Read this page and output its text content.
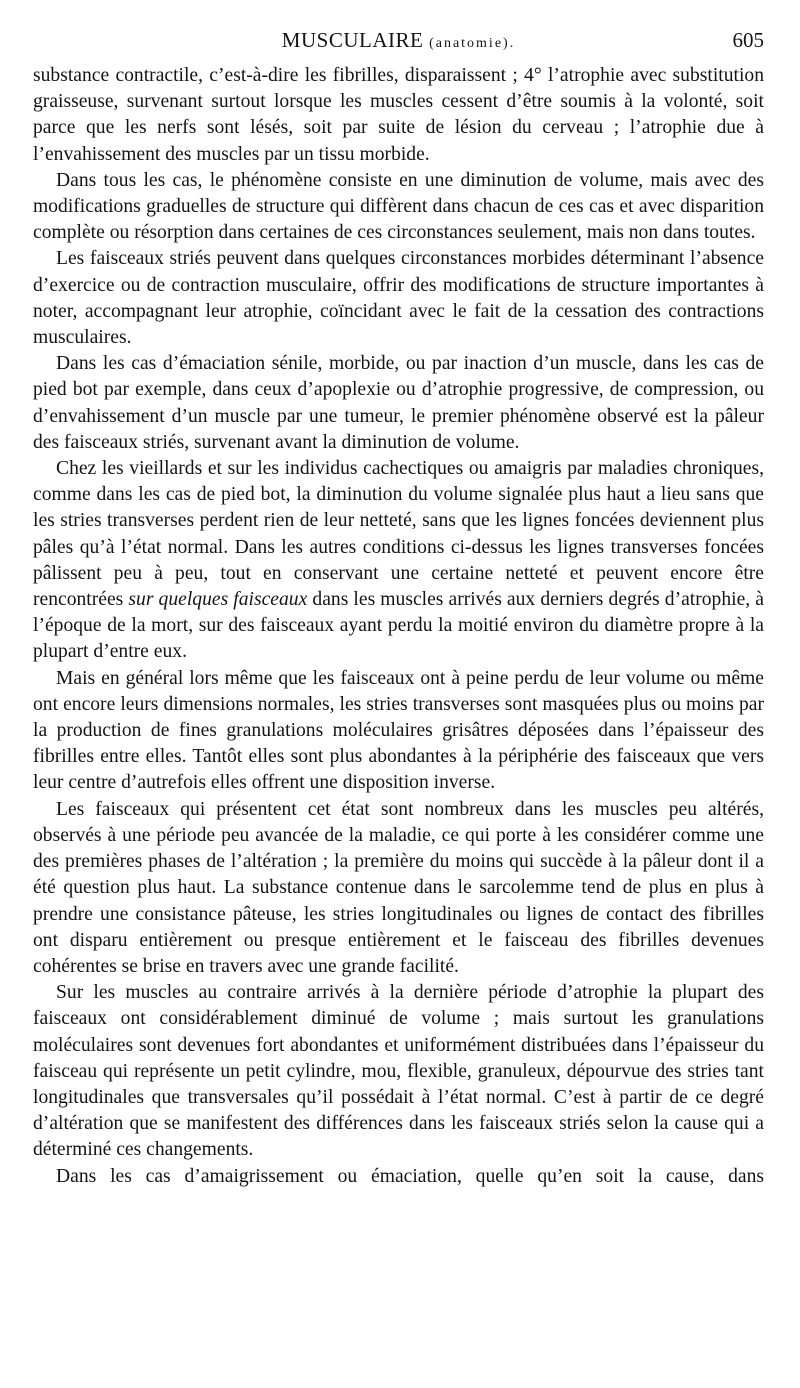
MUSCULAIRE (anatomie).	605

substance contractile, c’est-à-dire les fibrilles, disparaissent ; 4° l’atrophie avec substitution graisseuse, survenant surtout lorsque les muscles cessent d’être soumis à la volonté, soit parce que les nerfs sont lésés, soit par suite de lésion du cerveau ; l’atrophie due à l’envahissement des muscles par un tissu morbide.

Dans tous les cas, le phénomène consiste en une diminution de volume, mais avec des modifications graduelles de structure qui diffèrent dans chacun de ces cas et avec disparition complète ou résorption dans certaines de ces circonstances seulement, mais non dans toutes.

Les faisceaux striés peuvent dans quelques circonstances morbides déterminant l’absence d’exercice ou de contraction musculaire, offrir des modifications de structure importantes à noter, accompagnant leur atrophie, coïncidant avec le fait de la cessation des contractions musculaires.

Dans les cas d’émaciation sénile, morbide, ou par inaction d’un muscle, dans les cas de pied bot par exemple, dans ceux d’apoplexie ou d’atrophie progressive, de compression, ou d’envahissement d’un muscle par une tumeur, le premier phénomène observé est la pâleur des faisceaux striés, survenant avant la diminution de volume.

Chez les vieillards et sur les individus cachectiques ou amaigris par maladies chroniques, comme dans les cas de pied bot, la diminution du volume signalée plus haut a lieu sans que les stries transverses perdent rien de leur netteté, sans que les lignes foncées deviennent plus pâles qu’à l’état normal. Dans les autres conditions ci-dessus les lignes transverses foncées pâlissent peu à peu, tout en conservant une certaine netteté et peuvent encore être rencontrées sur quelques faisceaux dans les muscles arrivés aux derniers degrés d’atrophie, à l’époque de la mort, sur des faisceaux ayant perdu la moitié environ du diamètre propre à la plupart d’entre eux.

Mais en général lors même que les faisceaux ont à peine perdu de leur volume ou même ont encore leurs dimensions normales, les stries transverses sont masquées plus ou moins par la production de fines granulations moléculaires grisâtres déposées dans l’épaisseur des fibrilles entre elles. Tantôt elles sont plus abondantes à la périphérie des faisceaux que vers leur centre d’autrefois elles offrent une disposition inverse.

Les faisceaux qui présentent cet état sont nombreux dans les muscles peu altérés, observés à une période peu avancée de la maladie, ce qui porte à les considérer comme une des premières phases de l’altération ; la première du moins qui succède à la pâleur dont il a été question plus haut. La substance contenue dans le sarcolemme tend de plus en plus à prendre une consistance pâteuse, les stries longitudinales ou lignes de contact des fibrilles ont disparu entièrement ou presque entièrement et le faisceau des fibrilles devenues cohérentes se brise en travers avec une grande facilité.

Sur les muscles au contraire arrivés à la dernière période d’atrophie la plupart des faisceaux ont considérablement diminué de volume ; mais surtout les granulations moléculaires sont devenues fort abondantes et uniformément distribuées dans l’épaisseur du faisceau qui représente un petit cylindre, mou, flexible, granuleux, dépourvue des stries tant longitudinales que transversales qu’il possédait à l’état normal. C’est à partir de ce degré d’altération que se manifestent des différences dans les faisceaux striés selon la cause qui a déterminé ces changements.

Dans les cas d’amaigrissement ou émaciation, quelle qu’en soit la cause, dans
